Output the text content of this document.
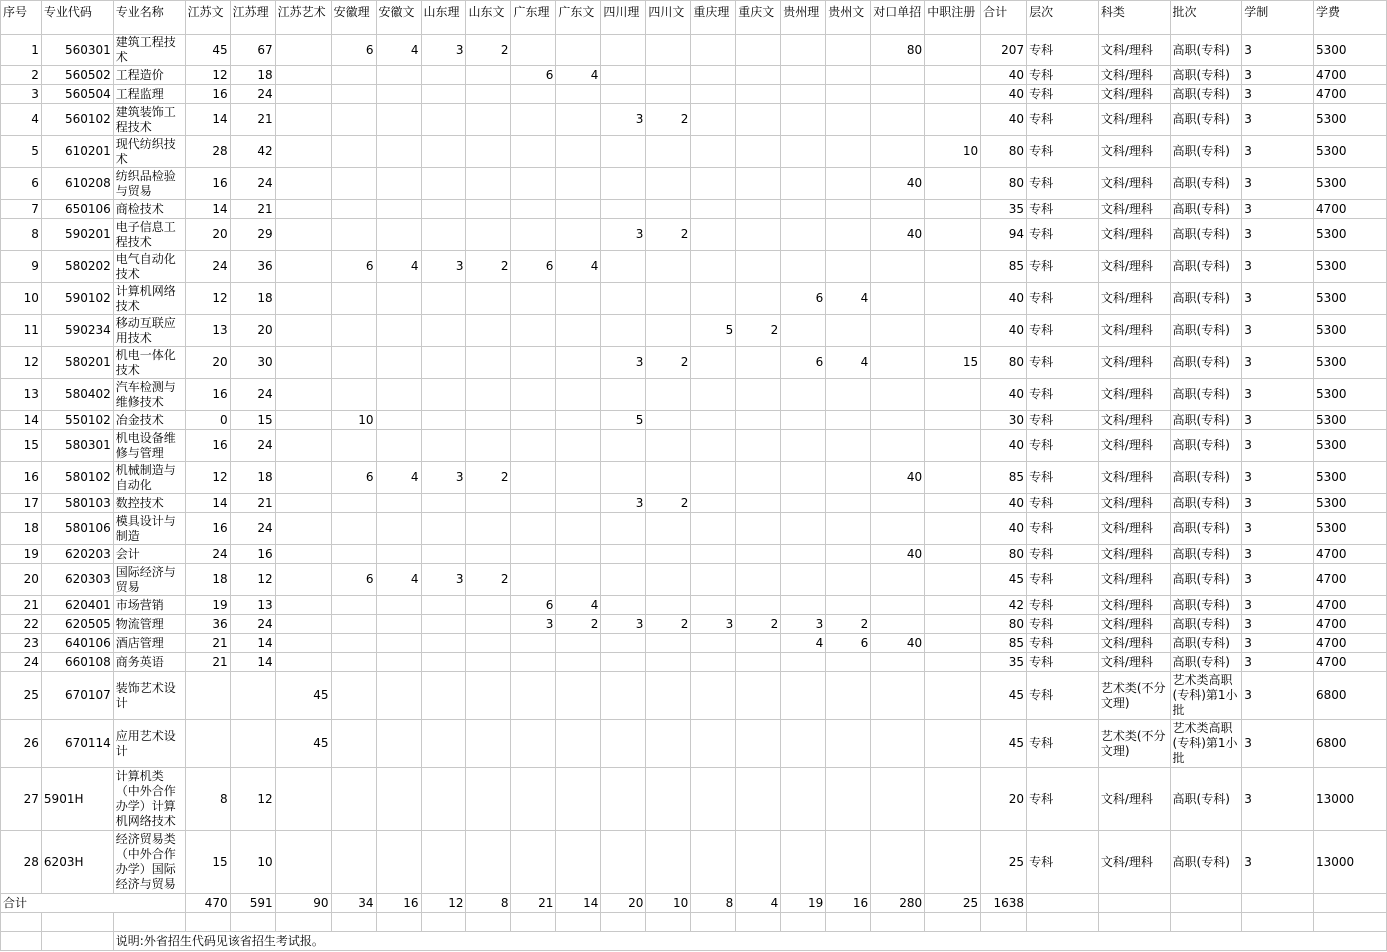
序号	专业代码	专业名称	江苏文	江苏理	江苏艺术	安徽理	安徽文	山东理	山东文	广东理	广东文	四川理	四川文	重庆理	重庆文	贵州理	贵州文	对口单招	中职注册	合计	层次	科类	批次	学制	学费
1	560301	建筑工程技术	45	67		6	4	3	2									80		207	专科	文科/理科	高职(专科)	3	5300
2	560502	工程造价	12	18						6	4									40	专科	文科/理科	高职(专科)	3	4700
3	560504	工程监理	16	24																40	专科	文科/理科	高职(专科)	3	4700
4	560102	建筑装饰工程技术	14	21								3	2							40	专科	文科/理科	高职(专科)	3	5300
5	610201	现代纺织技术	28	42															10	80	专科	文科/理科	高职(专科)	3	5300
6	610208	纺织品检验与贸易	16	24														40		80	专科	文科/理科	高职(专科)	3	5300
7	650106	商检技术	14	21																35	专科	文科/理科	高职(专科)	3	4700
8	590201	电子信息工程技术	20	29								3	2					40		94	专科	文科/理科	高职(专科)	3	5300
9	580202	电气自动化技术	24	36		6	4	3	2	6	4									85	专科	文科/理科	高职(专科)	3	5300
10	590102	计算机网络技术	12	18												6	4			40	专科	文科/理科	高职(专科)	3	5300
11	590234	移动互联应用技术	13	20										5	2					40	专科	文科/理科	高职(专科)	3	5300
12	580201	机电一体化技术	20	30								3	2			6	4		15	80	专科	文科/理科	高职(专科)	3	5300
13	580402	汽车检测与维修技术	16	24																40	专科	文科/理科	高职(专科)	3	5300
14	550102	冶金技术	0	15		10						5								30	专科	文科/理科	高职(专科)	3	5300
15	580301	机电设备维修与管理	16	24																40	专科	文科/理科	高职(专科)	3	5300
16	580102	机械制造与自动化	12	18		6	4	3	2									40		85	专科	文科/理科	高职(专科)	3	5300
17	580103	数控技术	14	21								3	2							40	专科	文科/理科	高职(专科)	3	5300
18	580106	模具设计与制造	16	24																40	专科	文科/理科	高职(专科)	3	5300
19	620203	会计	24	16														40		80	专科	文科/理科	高职(专科)	3	4700
20	620303	国际经济与贸易	18	12		6	4	3	2											45	专科	文科/理科	高职(专科)	3	4700
21	620401	市场营销	19	13						6	4									42	专科	文科/理科	高职(专科)	3	4700
22	620505	物流管理	36	24						3	2	3	2	3	2	3	2			80	专科	文科/理科	高职(专科)	3	4700
23	640106	酒店管理	21	14												4	6	40		85	专科	文科/理科	高职(专科)	3	4700
24	660108	商务英语	21	14																35	专科	文科/理科	高职(专科)	3	4700
25	670107	装饰艺术设计			45															45	专科	艺术类(不分文理)	艺术类高职(专科)第1小批	3	6800
26	670114	应用艺术设计			45															45	专科	艺术类(不分文理)	艺术类高职(专科)第1小批	3	6800
27	5901H	计算机类（中外合作办学）计算机网络技术	8	12																20	专科	文科/理科	高职(专科)	3	13000
28	6203H	经济贸易类（中外合作办学）国际经济与贸易	15	10																25	专科	文科/理科	高职(专科)	3	13000
合计			470	591	90	34	16	12	8	21	14	20	10	8	4	19	16	280	25	1638					

		说明:外省招生代码见该省招生考试报。																							
